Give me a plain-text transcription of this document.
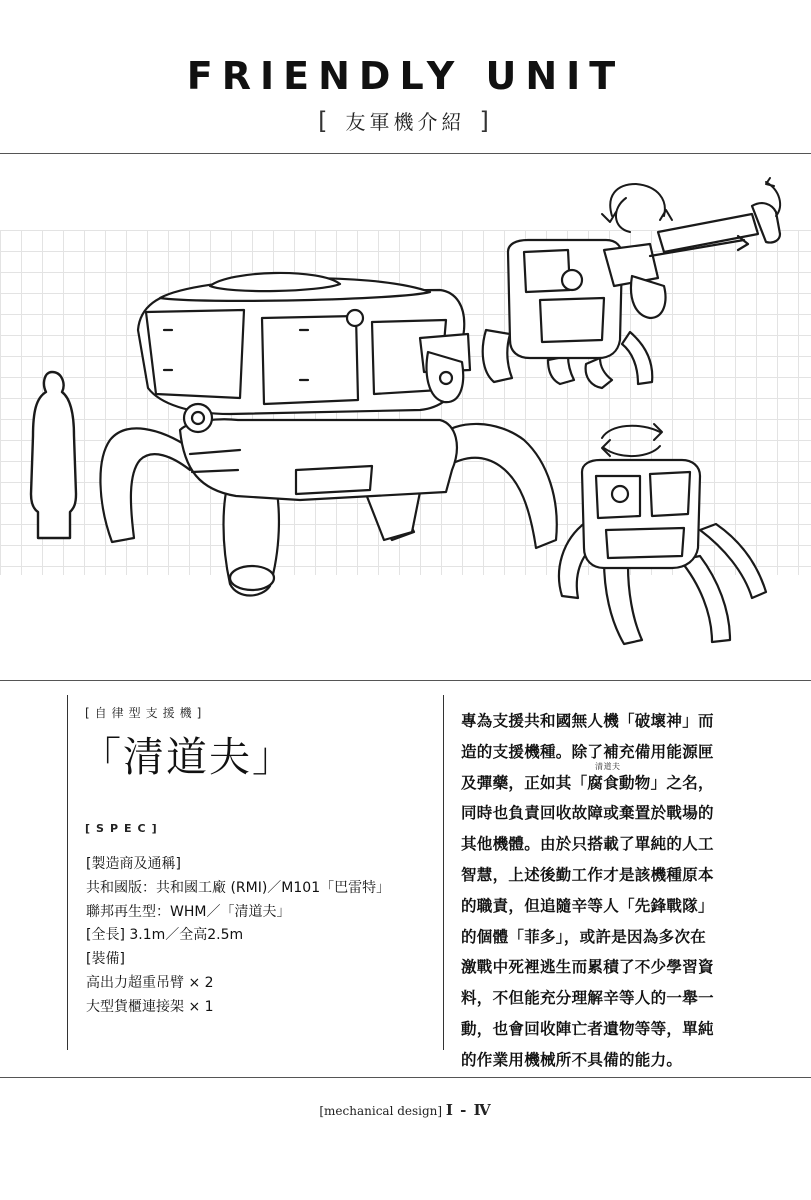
FRIENDLY UNIT
[ 友軍機介紹 ]
[自律型支援機]
「清道夫」
[SPEC]
[製造商及通稱]
共和國版：共和國工廠 (RMI)／M101「巴雷特」
聯邦再生型：WHM／「清道夫」
[全長] 3.1m／全高2.5m
[裝備]
高出力超重吊臂 × 2
大型貨櫃連接架 × 1
清道夫
專為支援共和國無人機「破壞神」而
造的支援機種。除了補充備用能源匣
及彈藥，正如其「腐食動物」之名，
同時也負責回收故障或棄置於戰場的
其他機體。由於只搭載了單純的人工
智慧，上述後勤工作才是該機種原本
的職責，但追隨辛等人「先鋒戰隊」
的個體「菲多」，或許是因為多次在
激戰中死裡逃生而累積了不少學習資
料，不但能充分理解辛等人的一舉一
動，也會回收陣亡者遺物等等，單純
的作業用機械所不具備的能力。
[mechanical design] I - Ⅳ
